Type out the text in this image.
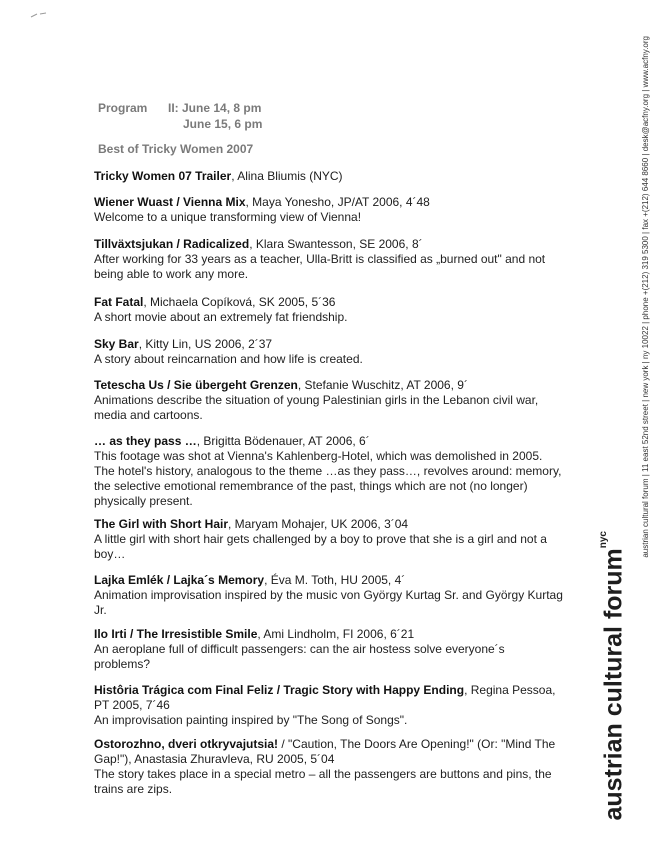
Program	II: June 14, 8 pm
June 15, 6 pm
Best of Tricky Women 2007
Tricky Women 07 Trailer, Alina Bliumis (NYC)
Wiener Wuast / Vienna Mix, Maya Yonesho, JP/AT 2006, 4´48
Welcome to a unique transforming view of Vienna!
Tillväxtsjukan / Radicalized, Klara Swantesson, SE 2006, 8´
After working for 33 years as a teacher, Ulla-Britt is classified as „burned out" and not being able to work any more.
Fat Fatal, Michaela Copíková, SK 2005, 5´36
A short movie about an extremely fat friendship.
Sky Bar, Kitty Lin, US 2006, 2´37
A story about reincarnation and how life is created.
Tetescha Us / Sie übergeht Grenzen, Stefanie Wuschitz, AT 2006, 9´
Animations describe the situation of young Palestinian girls in the Lebanon civil war, media and cartoons.
… as they pass …, Brigitta Bödenauer, AT 2006, 6´
This footage was shot at Vienna's Kahlenberg-Hotel, which was demolished in 2005. The hotel's history, analogous to the theme …as they pass…, revolves around: memory, the selective emotional remembrance of the past, things which are not (no longer) physically present.
The Girl with Short Hair, Maryam Mohajer, UK 2006, 3´04
A little girl with short hair gets challenged by a boy to prove that she is a girl and not a boy…
Lajka Emlék / Lajka´s Memory, Éva M. Toth, HU 2005, 4´
Animation improvisation inspired by the music von György Kurtag Sr. and György Kurtag Jr.
Ilo Irti / The Irresistible Smile, Ami Lindholm, FI 2006, 6´21
An aeroplane full of difficult passengers: can the air hostess solve everyone´s problems?
Histôria Trágica com Final Feliz / Tragic Story with Happy Ending, Regina Pessoa, PT 2005, 7´46
An improvisation painting inspired by "The Song of Songs".
Ostorozhno, dveri otkryvajutsia! / "Caution, The Doors Are Opening!" (Or: "Mind The Gap!"), Anastasia Zhuravleva, RU 2005, 5´04
The story takes place in a special metro – all the passengers are buttons and pins, the trains are zips.
austrian cultural forum | 11 east 52nd street | new york | ny 10022 | phone +(212) 319 5300 | fax +(212) 644 8660 | desk@acfny.org | www.acfny.org
austrian cultural forum$^{nyc}$
